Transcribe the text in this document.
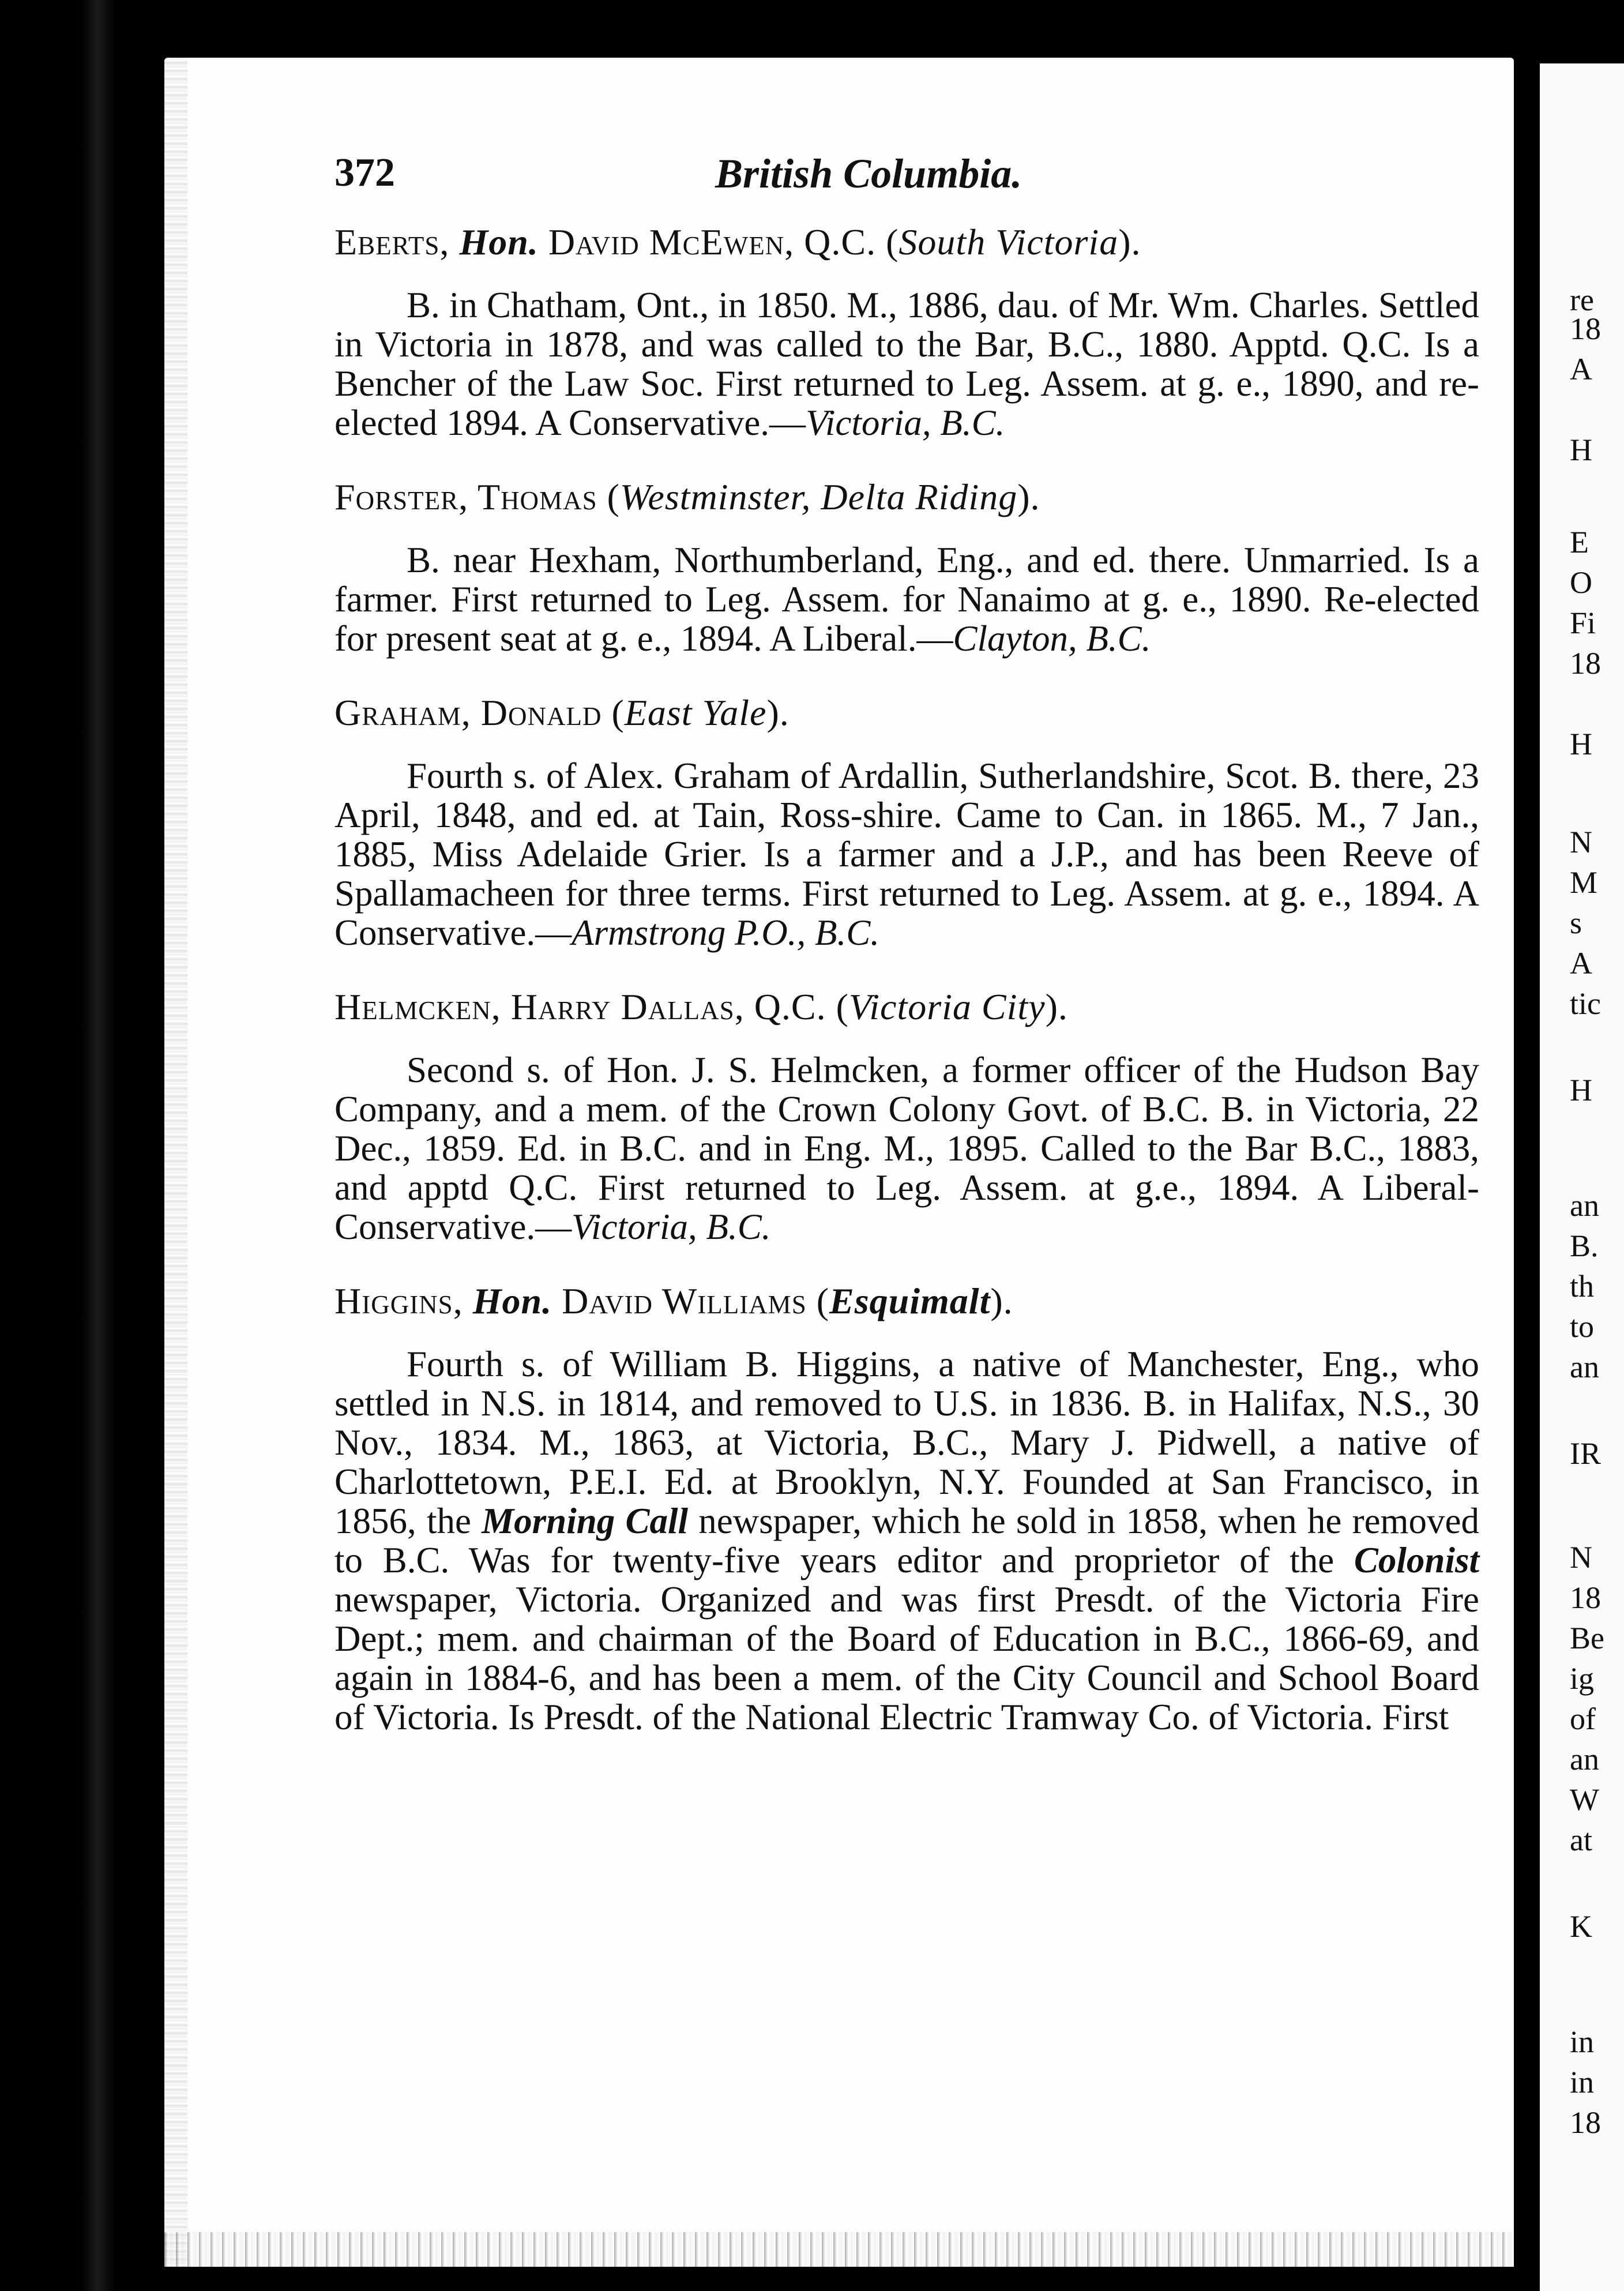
re
18
A
H
E
O
Fi
18
H
N
M
s
A
tic
H
an
B.
th
to
an
IR
N
18
Be
ig
of
an
W
at
K
in
in
18
372	British Columbia.

Eberts, Hon. David McEwen, Q.C. (South Victoria).

B. in Chatham, Ont., in 1850. M., 1886, dau. of Mr. Wm. Charles. Settled in Victoria in 1878, and was called to the Bar, B.C., 1880. Apptd. Q.C. Is a Bencher of the Law Soc. First returned to Leg. Assem. at g. e., 1890, and re-elected 1894. A Conservative.—Victoria, B.C.

Forster, Thomas (Westminster, Delta Riding).

B. near Hexham, Northumberland, Eng., and ed. there. Unmarried. Is a farmer. First returned to Leg. Assem. for Nanaimo at g. e., 1890. Re-elected for present seat at g. e., 1894. A Liberal.—Clayton, B.C.

Graham, Donald (East Yale).

Fourth s. of Alex. Graham of Ardallin, Sutherlandshire, Scot. B. there, 23 April, 1848, and ed. at Tain, Ross-shire. Came to Can. in 1865. M., 7 Jan., 1885, Miss Adelaide Grier. Is a farmer and a J.P., and has been Reeve of Spallamacheen for three terms. First returned to Leg. Assem. at g. e., 1894. A Conservative.—Armstrong P.O., B.C.

Helmcken, Harry Dallas, Q.C. (Victoria City).

Second s. of Hon. J. S. Helmcken, a former officer of the Hudson Bay Company, and a mem. of the Crown Colony Govt. of B.C. B. in Victoria, 22 Dec., 1859. Ed. in B.C. and in Eng. M., 1895. Called to the Bar B.C., 1883, and apptd Q.C. First returned to Leg. Assem. at g.e., 1894. A Liberal-Conservative.—Victoria, B.C.

Higgins, Hon. David Williams (Esquimalt).

Fourth s. of William B. Higgins, a native of Manchester, Eng., who settled in N.S. in 1814, and removed to U.S. in 1836. B. in Halifax, N.S., 30 Nov., 1834. M., 1863, at Victoria, B.C., Mary J. Pidwell, a native of Charlottetown, P.E.I. Ed. at Brooklyn, N.Y. Founded at San Francisco, in 1856, the Morning Call newspaper, which he sold in 1858, when he removed to B.C. Was for twenty-five years editor and proprietor of the Colonist newspaper, Victoria. Organized and was first Presdt. of the Victoria Fire Dept.; mem. and chairman of the Board of Education in B.C., 1866-69, and again in 1884-6, and has been a mem. of the City Council and School Board of Victoria. Is Presdt. of the National Electric Tramway Co. of Victoria. First
